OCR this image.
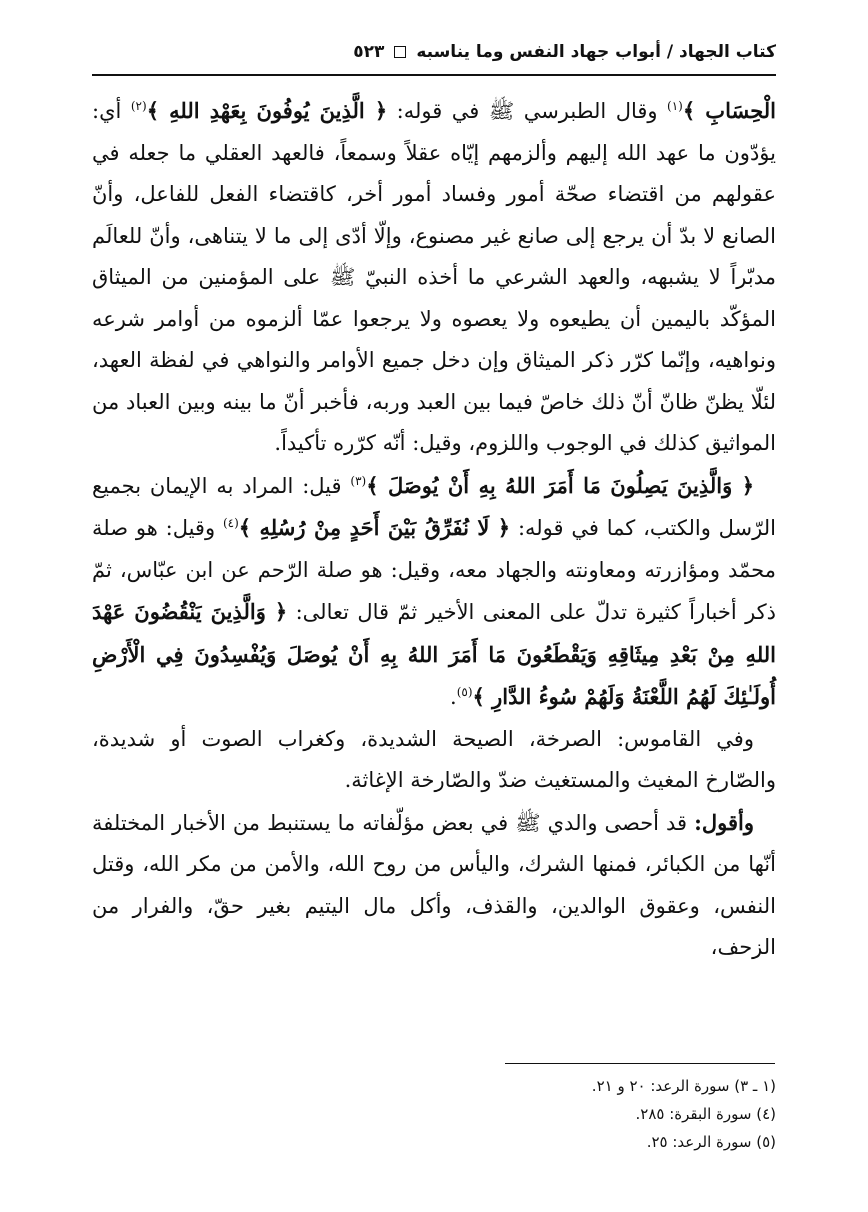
كتاب الجهاد / أبواب جهاد النفس وما يناسبه
٥٢٣

الْحِسَابِ ﴾$^{(١)}$ وقال الطبرسي ﷺ في قوله: ﴿ الَّذِينَ يُوفُونَ بِعَهْدِ اللهِ ﴾$^{(٢)}$ أي: يؤدّون ما عهد الله إليهم وألزمهم إيّاه عقلاً وسمعاً، فالعهد العقلي ما جعله في عقولهم من اقتضاء صحّة أمور وفساد أمور أخر، كاقتضاء الفعل للفاعل، وأنّ الصانع لا بدّ أن يرجع إلى صانع غير مصنوع، وإلّا أدّى إلى ما لا يتناهى، وأنّ للعالَم مدبّراً لا يشبهه، والعهد الشرعي ما أخذه النبيّ ﷺ على المؤمنين من الميثاق المؤكّد باليمين أن يطيعوه ولا يعصوه ولا يرجعوا عمّا ألزموه من أوامر شرعه ونواهيه، وإنّما كرّر ذكر الميثاق وإن دخل جميع الأوامر والنواهي في لفظة العهد، لئلّا يظنّ ظانّ أنّ ذلك خاصّ فيما بين العبد وربه، فأخبر أنّ ما بينه وبين العباد من المواثيق كذلك في الوجوب واللزوم، وقيل: أنّه كرّره تأكيداً.

﴿ وَالَّذِينَ يَصِلُونَ مَا أَمَرَ اللهُ بِهِ أَنْ يُوصَلَ ﴾$^{(٣)}$ قيل: المراد به الإيمان بجميع الرّسل والكتب، كما في قوله: ﴿ لَا نُفَرِّقُ بَيْنَ أَحَدٍ مِنْ رُسُلِهِ ﴾$^{(٤)}$ وقيل: هو صلة محمّد ومؤازرته ومعاونته والجهاد معه، وقيل: هو صلة الرّحم عن ابن عبّاس، ثمّ ذكر أخباراً كثيرة تدلّ على المعنى الأخير ثمّ قال تعالى: ﴿ وَالَّذِينَ يَنْقُضُونَ عَهْدَ اللهِ مِنْ بَعْدِ مِيثَاقِهِ وَيَقْطَعُونَ مَا أَمَرَ اللهُ بِهِ أَنْ يُوصَلَ وَيُفْسِدُونَ فِي الْأَرْضِ أُولَـٰئِكَ لَهُمُ اللَّعْنَةُ وَلَهُمْ سُوءُ الدَّارِ ﴾$^{(٥)}$.

وفي القاموس: الصرخة، الصيحة الشديدة، وكغراب الصوت أو شديدة، والصّارخ المغيث والمستغيث ضدّ والصّارخة الإغاثة.

وأقول: قد أحصى والدي ﷺ في بعض مؤلّفاته ما يستنبط من الأخبار المختلفة أنّها من الكبائر، فمنها الشرك، واليأس من روح الله، والأمن من مكر الله، وقتل النفس، وعقوق الوالدين، والقذف، وأكل مال اليتيم بغير حقّ، والفرار من الزحف،

(١ ـ ٣) سورة الرعد: ٢٠ و ٢١.
(٤) سورة البقرة: ٢٨٥.
(٥) سورة الرعد: ٢٥.
